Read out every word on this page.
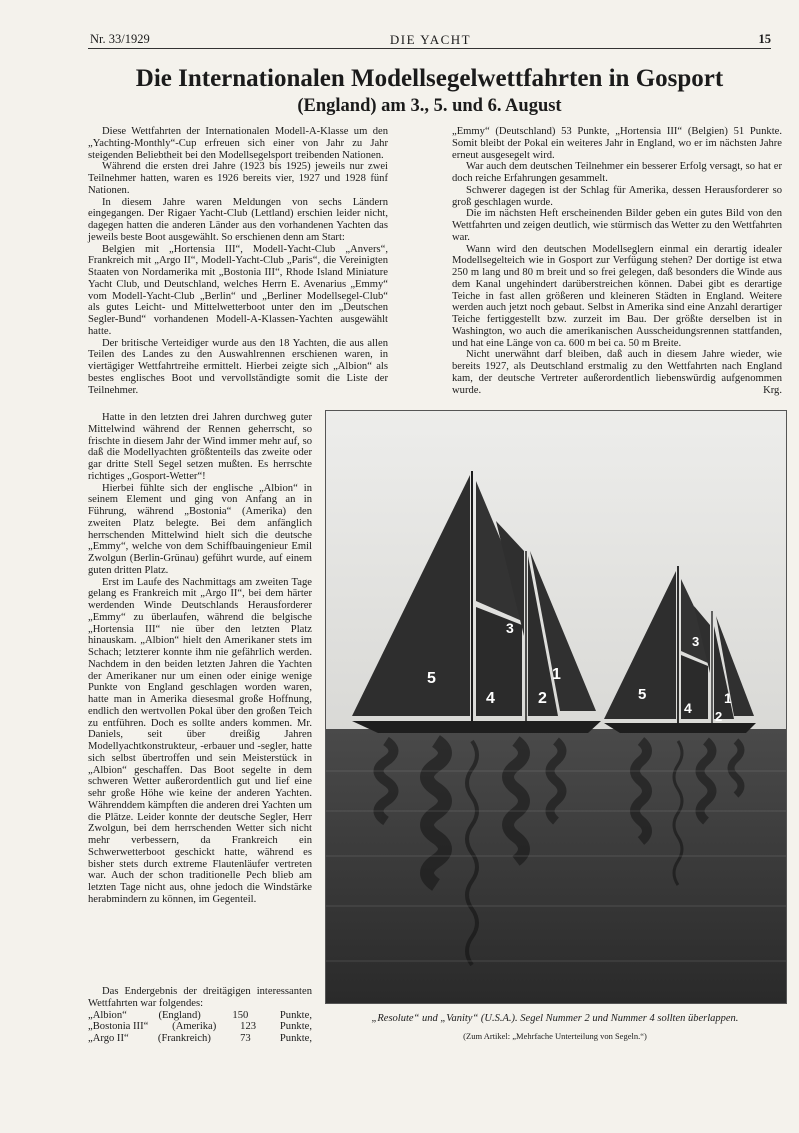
Nr. 33/1929	DIE YACHT	15
Die Internationalen Modellsegelwettfahrten in Gosport
(England) am 3., 5. und 6. August

Diese Wettfahrten der Internationalen Modell-A-Klasse um den „Yachting-Monthly“-Cup erfreuen sich einer von Jahr zu Jahr steigenden Beliebtheit bei den Modellsegelsport treibenden Nationen.

Während die ersten drei Jahre (1923 bis 1925) jeweils nur zwei Teilnehmer hatten, waren es 1926 bereits vier, 1927 und 1928 fünf Nationen.

In diesem Jahre waren Meldungen von sechs Ländern eingegangen. Der Rigaer Yacht-Club (Lettland) erschien leider nicht, dagegen hatten die anderen Länder aus den vorhandenen Yachten das jeweils beste Boot ausgewählt. So erschienen denn am Start:

Belgien mit „Hortensia III“, Modell-Yacht-Club „Anvers“, Frankreich mit „Argo II“, Modell-Yacht-Club „Paris“, die Vereinigten Staaten von Nordamerika mit „Bostonia III“, Rhode Island Miniature Yacht Club, und Deutschland, welches Herrn E. Avenarius „Emmy“ vom Modell-Yacht-Club „Berlin“ und „Berliner Modellsegel-Club“ als gutes Leicht- und Mittelwetterboot unter den im „Deutschen Segler-Bund“ vorhandenen Modell-A-Klassen-Yachten ausgewählt hatte.

Der britische Verteidiger wurde aus den 18 Yachten, die aus allen Teilen des Landes zu den Auswahlrennen erschienen waren, in viertägiger Wettfahrtreihe ermittelt. Hierbei zeigte sich „Albion“ als bestes englisches Boot und vervollständigte somit die Liste der Teilnehmer.

Hatte in den letzten drei Jahren durchweg guter Mittelwind während der Rennen geherrscht, so frischte in diesem Jahr der Wind immer mehr auf, so daß die Modellyachten größtenteils das zweite oder gar dritte Stell Segel setzen mußten. Es herrschte richtiges „Gosport-Wetter“!

Hierbei fühlte sich der englische „Albion“ in seinem Element und ging von Anfang an in Führung, während „Bostonia“ (Amerika) den zweiten Platz belegte. Bei dem anfänglich herrschenden Mittelwind hielt sich die deutsche „Emmy“, welche von dem Schiffbauingenieur Emil Zwolgun (Berlin-Grünau) geführt wurde, auf einem guten dritten Platz.

Erst im Laufe des Nachmittags am zweiten Tage gelang es Frankreich mit „Argo II“, bei dem härter werdenden Winde Deutschlands Herausforderer „Emmy“ zu überlaufen, während die belgische „Hortensia III“ nie über den letzten Platz hinauskam. „Albion“ hielt den Amerikaner stets im Schach; letzterer konnte ihm nie gefährlich werden. Nachdem in den beiden letzten Jahren die Yachten der Amerikaner nur um einen oder einige wenige Punkte von England geschlagen worden waren, hatte man in Amerika diesesmal große Hoffnung, endlich den wertvollen Pokal über den großen Teich zu entführen. Doch es sollte anders kommen. Mr. Daniels, seit über dreißig Jahren Modellyachtkonstrukteur, -erbauer und -segler, hatte sich selbst übertroffen und sein Meisterstück in „Albion“ geschaffen. Das Boot segelte in dem schweren Wetter außerordentlich gut und lief eine sehr große Höhe wie keine der anderen Yachten. Währenddem kämpften die anderen drei Yachten um die Plätze. Leider konnte der deutsche Segler, Herr Zwolgun, bei dem herrschenden Wetter sich nicht mehr verbessern, da Frankreich ein Schwerwetterboot geschickt hatte, während es bisher stets durch extreme Flautenläufer vertreten war. Auch der schon traditionelle Pech blieb am letzten Tage nicht aus, ohne jedoch die Windstärke herabmindern zu können, im Gegenteil.

Das Endergebnis der dreitägigen interessanten Wettfahrten war folgendes:

„Albion“	(England)	150	Punkte,
„Bostonia III“ (Amerika) 123 Punkte,
„Argo II“	(Frankreich)	73	Punkte,

„Emmy“ (Deutschland) 53 Punkte, „Hortensia III“ (Belgien) 51 Punkte. Somit bleibt der Pokal ein weiteres Jahr in England, wo er im nächsten Jahre erneut ausgesegelt wird.

War auch dem deutschen Teilnehmer ein besserer Erfolg versagt, so hat er doch reiche Erfahrungen gesammelt.

Schwerer dagegen ist der Schlag für Amerika, dessen Herausforderer so groß geschlagen wurde.

Die im nächsten Heft erscheinenden Bilder geben ein gutes Bild von den Wettfahrten und zeigen deutlich, wie stürmisch das Wetter zu den Wettfahrten war.

Wann wird den deutschen Modellseglern einmal ein derartig idealer Modellsegelteich wie in Gosport zur Verfügung stehen? Der dortige ist etwa 250 m lang und 80 m breit und so frei gelegen, daß besonders die Winde aus dem Kanal ungehindert darüberstreichen können. Dabei gibt es derartige Teiche in fast allen größeren und kleineren Städten in England. Weitere werden auch jetzt noch gebaut. Selbst in Amerika sind eine Anzahl derartiger Teiche fertiggestellt bzw. zurzeit im Bau. Der größte derselben ist in Washington, wo auch die amerikanischen Ausscheidungsrennen stattfanden, und hat eine Länge von ca. 600 m bei ca. 50 m Breite.

Nicht unerwähnt darf bleiben, daß auch in diesem Jahre wieder, wie bereits 1927, als Deutschland erstmalig zu den Wettfahrten nach England kam, der deutsche Vertreter außerordentlich liebenswürdig aufgenommen wurde.	Krg.

5
3
4	2
1
5
3
4
2
1
„Resolute“ und „Vanity“ (U.S.A.). Segel Nummer 2 und Nummer 4 sollten überlappen.
(Zum Artikel: „Mehrfache Unterteilung von Segeln.“)
